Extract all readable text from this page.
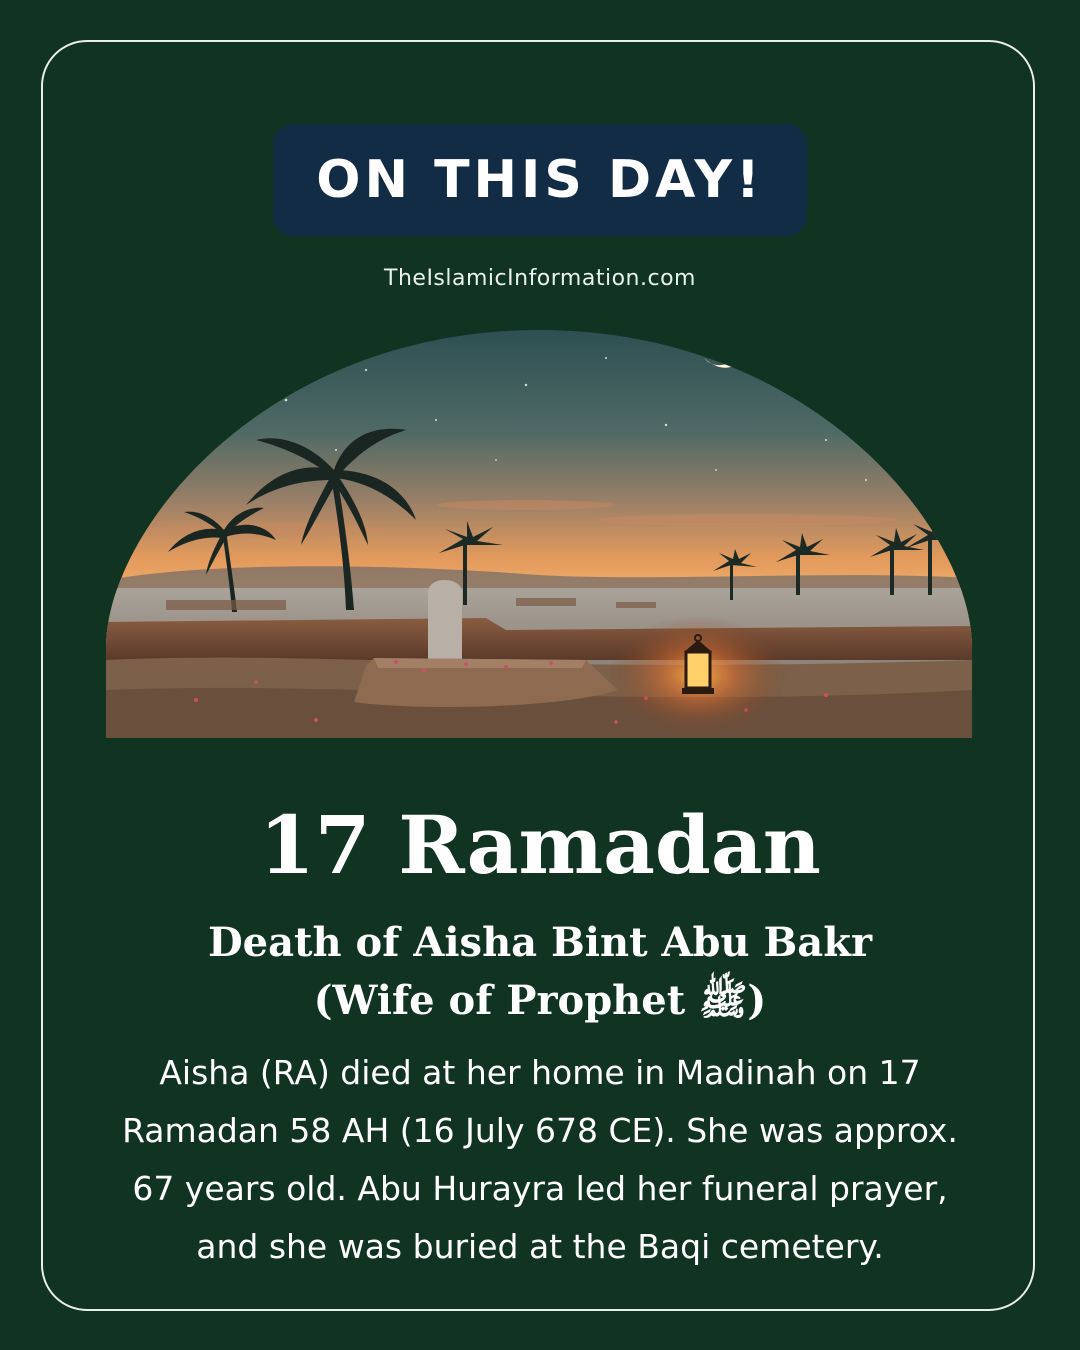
ON THIS DAY!
TheIslamicInformation.com
17 Ramadan
Death of Aisha Bint Abu Bakr
(Wife of Prophet ﷺ)
Aisha (RA) died at her home in Madinah on 17
Ramadan 58 AH (16 July 678 CE). She was approx.
67 years old. Abu Hurayra led her funeral prayer,
and she was buried at the Baqi cemetery.
